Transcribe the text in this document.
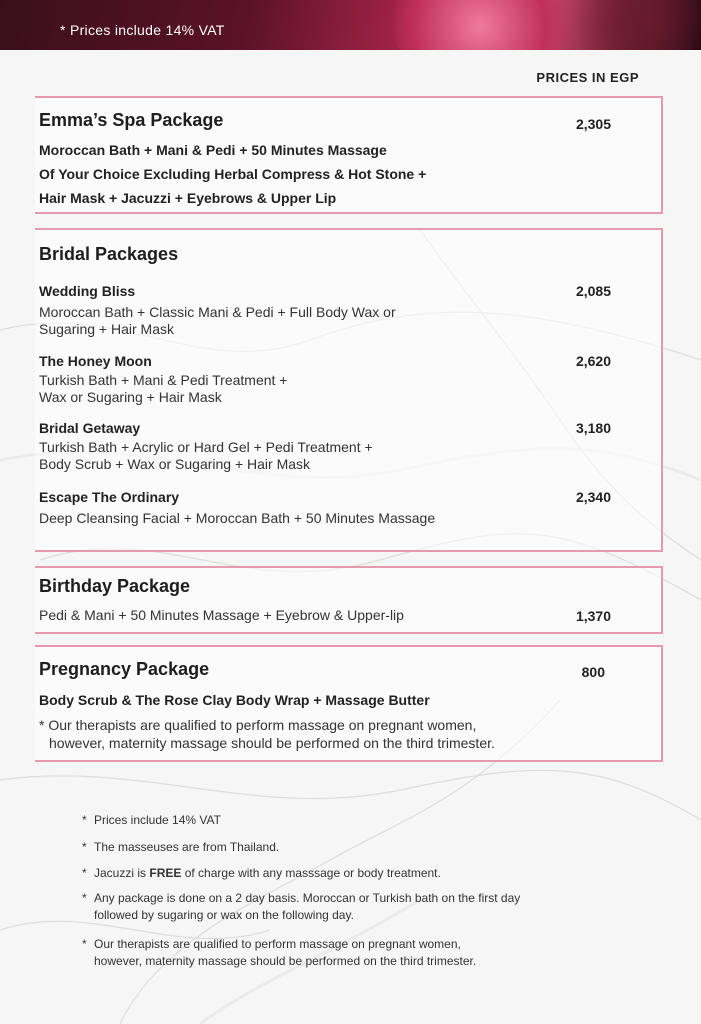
* Prices include 14% VAT
PRICES IN EGP
Emma’s Spa Package	2,305
Moroccan Bath + Mani & Pedi + 50 Minutes Massage
Of Your Choice Excluding Herbal Compress & Hot Stone +
Hair Mask + Jacuzzi + Eyebrows & Upper Lip
Bridal Packages
Wedding Bliss	2,085
Moroccan Bath + Classic Mani & Pedi + Full Body Wax or
Sugaring + Hair Mask
The Honey Moon	2,620
Turkish Bath + Mani & Pedi Treatment +
Wax or Sugaring + Hair Mask
Bridal Getaway	3,180
Turkish Bath + Acrylic or Hard Gel + Pedi Treatment +
Body Scrub + Wax or Sugaring + Hair Mask
Escape The Ordinary	2,340
Deep Cleansing Facial + Moroccan Bath + 50 Minutes Massage
Birthday Package
Pedi & Mani + 50 Minutes Massage + Eyebrow & Upper-lip	1,370
Pregnancy Package	800
Body Scrub & The Rose Clay Body Wrap + Massage Butter
* Our therapists are qualified to perform massage on pregnant women,
however, maternity massage should be performed on the third trimester.
* Prices include 14% VAT
* The masseuses are from Thailand.
* Jacuzzi is FREE of charge with any masssage or body treatment.
* Any package is done on a 2 day basis. Moroccan or Turkish bath on the first day
followed by sugaring or wax on the following day.
* Our therapists are qualified to perform massage on pregnant women,
however, maternity massage should be performed on the third trimester.
